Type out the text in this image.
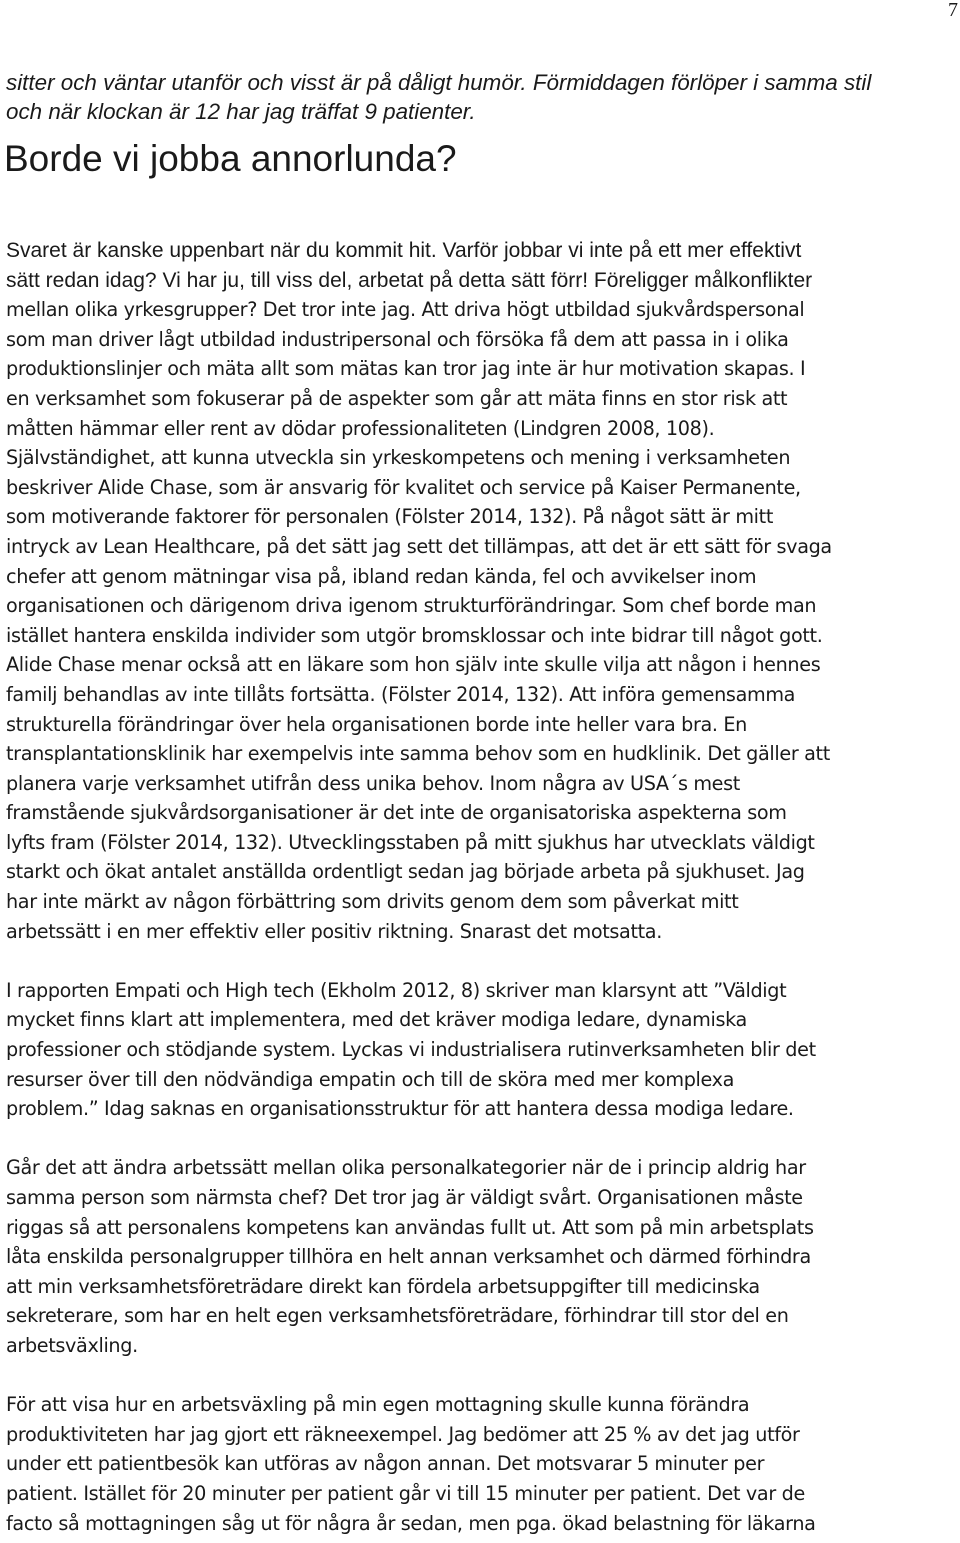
7

sitter och väntar utanför och visst är på dåligt humör. Förmiddagen förlöper i samma stil
och när klockan är 12 har jag träffat 9 patienter.

Borde vi jobba annorlunda?

Svaret är kanske uppenbart när du kommit hit. Varför jobbar vi inte på ett mer effektivt
sätt redan idag? Vi har ju, till viss del, arbetat på detta sätt förr! Föreligger målkonflikter
mellan olika yrkesgrupper? Det tror inte jag. Att driva högt utbildad sjukvårdspersonal
som man driver lågt utbildad industripersonal och försöka få dem att passa in i olika
produktionslinjer och mäta allt som mätas kan tror jag inte är hur motivation skapas. I
en verksamhet som fokuserar på de aspekter som går att mäta finns en stor risk att
måtten hämmar eller rent av dödar professionaliteten (Lindgren 2008, 108).
Självständighet, att kunna utveckla sin yrkeskompetens och mening i verksamheten
beskriver Alide Chase, som är ansvarig för kvalitet och service på Kaiser Permanente,
som motiverande faktorer för personalen (Fölster 2014, 132). På något sätt är mitt
intryck av Lean Healthcare, på det sätt jag sett det tillämpas, att det är ett sätt för svaga
chefer att genom mätningar visa på, ibland redan kända, fel och avvikelser inom
organisationen och därigenom driva igenom strukturförändringar. Som chef borde man
istället hantera enskilda individer som utgör bromsklossar och inte bidrar till något gott.
Alide Chase menar också att en läkare som hon själv inte skulle vilja att någon i hennes
familj behandlas av inte tillåts fortsätta. (Fölster 2014, 132). Att införa gemensamma
strukturella förändringar över hela organisationen borde inte heller vara bra. En
transplantationsklinik har exempelvis inte samma behov som en hudklinik. Det gäller att
planera varje verksamhet utifrån dess unika behov. Inom några av USA´s mest
framstående sjukvårdsorganisationer är det inte de organisatoriska aspekterna som
lyfts fram (Fölster 2014, 132). Utvecklingsstaben på mitt sjukhus har utvecklats väldigt
starkt och ökat antalet anställda ordentligt sedan jag började arbeta på sjukhuset. Jag
har inte märkt av någon förbättring som drivits genom dem som påverkat mitt
arbetssätt i en mer effektiv eller positiv riktning. Snarast det motsatta.

I rapporten Empati och High tech (Ekholm 2012, 8) skriver man klarsynt att ”Väldigt
mycket finns klart att implementera, med det kräver modiga ledare, dynamiska
professioner och stödjande system. Lyckas vi industrialisera rutinverksamheten blir det
resurser över till den nödvändiga empatin och till de sköra med mer komplexa
problem.” Idag saknas en organisationsstruktur för att hantera dessa modiga ledare.

Går det att ändra arbetssätt mellan olika personalkategorier när de i princip aldrig har
samma person som närmsta chef? Det tror jag är väldigt svårt. Organisationen måste
riggas så att personalens kompetens kan användas fullt ut. Att som på min arbetsplats
låta enskilda personalgrupper tillhöra en helt annan verksamhet och därmed förhindra
att min verksamhetsföreträdare direkt kan fördela arbetsuppgifter till medicinska
sekreterare, som har en helt egen verksamhetsföreträdare, förhindrar till stor del en
arbetsväxling.

För att visa hur en arbetsväxling på min egen mottagning skulle kunna förändra
produktiviteten har jag gjort ett räkneexempel. Jag bedömer att 25 % av det jag utför
under ett patientbesök kan utföras av någon annan. Det motsvarar 5 minuter per
patient. Istället för 20 minuter per patient går vi till 15 minuter per patient. Det var de
facto så mottagningen såg ut för några år sedan, men pga. ökad belastning för läkarna
